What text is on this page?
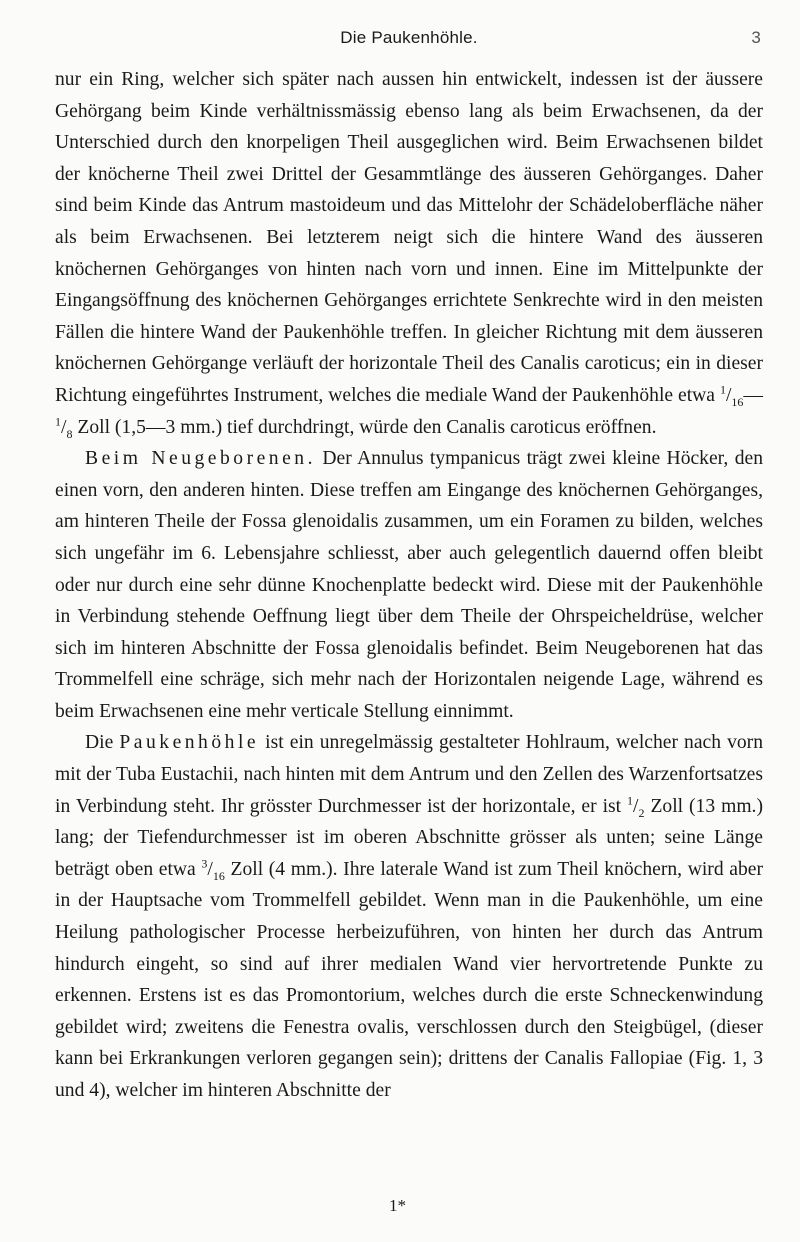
Die Paukenhöhle.	3

nur ein Ring, welcher sich später nach aussen hin entwickelt, indessen ist der äussere Gehörgang beim Kinde verhältnissmässig ebenso lang als beim Erwachsenen, da der Unterschied durch den knorpeligen Theil ausgeglichen wird. Beim Erwachsenen bildet der knöcherne Theil zwei Drittel der Gesammtlänge des äusseren Gehörganges. Daher sind beim Kinde das Antrum mastoideum und das Mittelohr der Schädeloberfläche näher als beim Erwachsenen. Bei letzterem neigt sich die hintere Wand des äusseren knöchernen Gehörganges von hinten nach vorn und innen. Eine im Mittelpunkte der Eingangsöffnung des knöchernen Gehörganges errichtete Senkrechte wird in den meisten Fällen die hintere Wand der Paukenhöhle treffen. In gleicher Richtung mit dem äusseren knöchernen Gehörgange verläuft der horizontale Theil des Canalis caroticus; ein in dieser Richtung eingeführtes Instrument, welches die mediale Wand der Paukenhöhle etwa $^1/_{16}—^1/_8$ Zoll (1,5—3 mm.) tief durchdringt, würde den Canalis caroticus eröffnen.

Beim Neugeborenen. Der Annulus tympanicus trägt zwei kleine Höcker, den einen vorn, den anderen hinten. Diese treffen am Eingange des knöchernen Gehörganges, am hinteren Theile der Fossa glenoidalis zusammen, um ein Foramen zu bilden, welches sich ungefähr im 6. Lebensjahre schliesst, aber auch gelegentlich dauernd offen bleibt oder nur durch eine sehr dünne Knochenplatte bedeckt wird. Diese mit der Paukenhöhle in Verbindung stehende Oeffnung liegt über dem Theile der Ohrspeicheldrüse, welcher sich im hinteren Abschnitte der Fossa glenoidalis befindet. Beim Neugeborenen hat das Trommelfell eine schräge, sich mehr nach der Horizontalen neigende Lage, während es beim Erwachsenen eine mehr verticale Stellung einnimmt.

Die Paukenhöhle ist ein unregelmässig gestalteter Hohlraum, welcher nach vorn mit der Tuba Eustachii, nach hinten mit dem Antrum und den Zellen des Warzenfortsatzes in Verbindung steht. Ihr grösster Durchmesser ist der horizontale, er ist $^1/_2$ Zoll (13 mm.) lang; der Tiefendurchmesser ist im oberen Abschnitte grösser als unten; seine Länge beträgt oben etwa $^3/_{16}$ Zoll (4 mm.). Ihre laterale Wand ist zum Theil knöchern, wird aber in der Hauptsache vom Trommelfell gebildet. Wenn man in die Paukenhöhle, um eine Heilung pathologischer Processe herbeizuführen, von hinten her durch das Antrum hindurch eingeht, so sind auf ihrer medialen Wand vier hervortretende Punkte zu erkennen. Erstens ist es das Promontorium, welches durch die erste Schneckenwindung gebildet wird; zweitens die Fenestra ovalis, verschlossen durch den Steigbügel, (dieser kann bei Erkrankungen verloren gegangen sein); drittens der Canalis Fallopiae (Fig. 1, 3 und 4), welcher im hinteren Abschnitte der

1*
